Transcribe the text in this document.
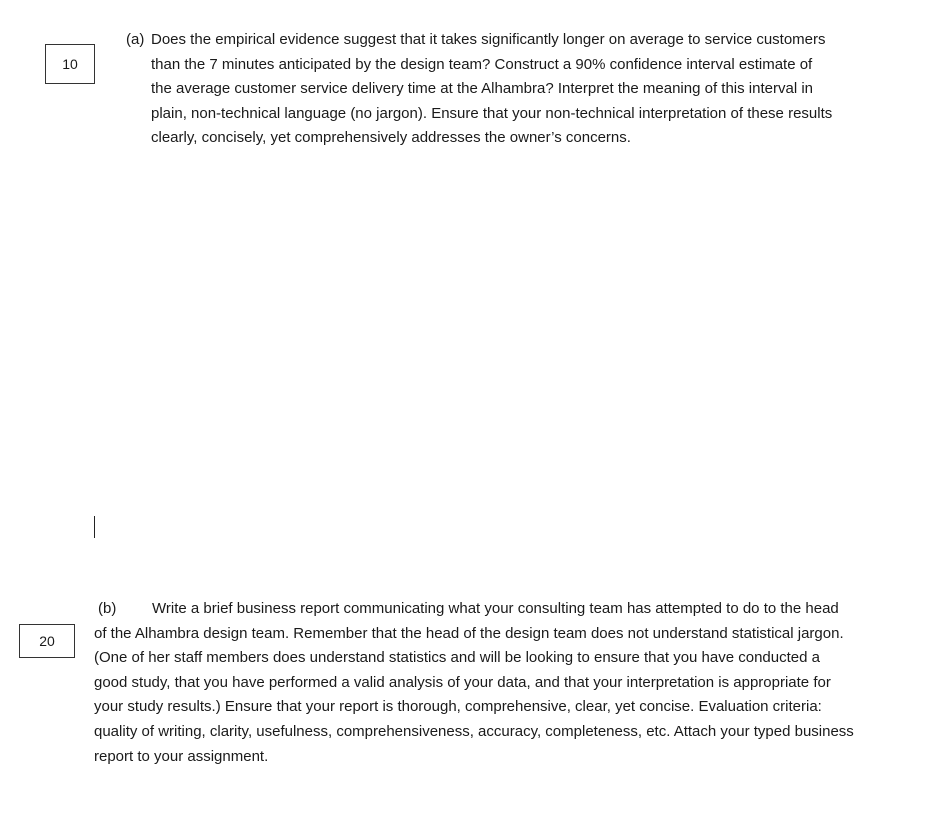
10
(a) Does the empirical evidence suggest that it takes significantly longer on average to service customers than the 7 minutes anticipated by the design team? Construct a 90% confidence interval estimate of the average customer service delivery time at the Alhambra? Interpret the meaning of this interval in plain, non-technical language (no jargon). Ensure that your non-technical interpretation of these results clearly, concisely, yet comprehensively addresses the owner’s concerns.
20
(b) Write a brief business report communicating what your consulting team has attempted to do to the head of the Alhambra design team. Remember that the head of the design team does not understand statistical jargon. (One of her staff members does understand statistics and will be looking to ensure that you have conducted a good study, that you have performed a valid analysis of your data, and that your interpretation is appropriate for your study results.) Ensure that your report is thorough, comprehensive, clear, yet concise. Evaluation criteria: quality of writing, clarity, usefulness, comprehensiveness, accuracy, completeness, etc. Attach your typed business report to your assignment.
